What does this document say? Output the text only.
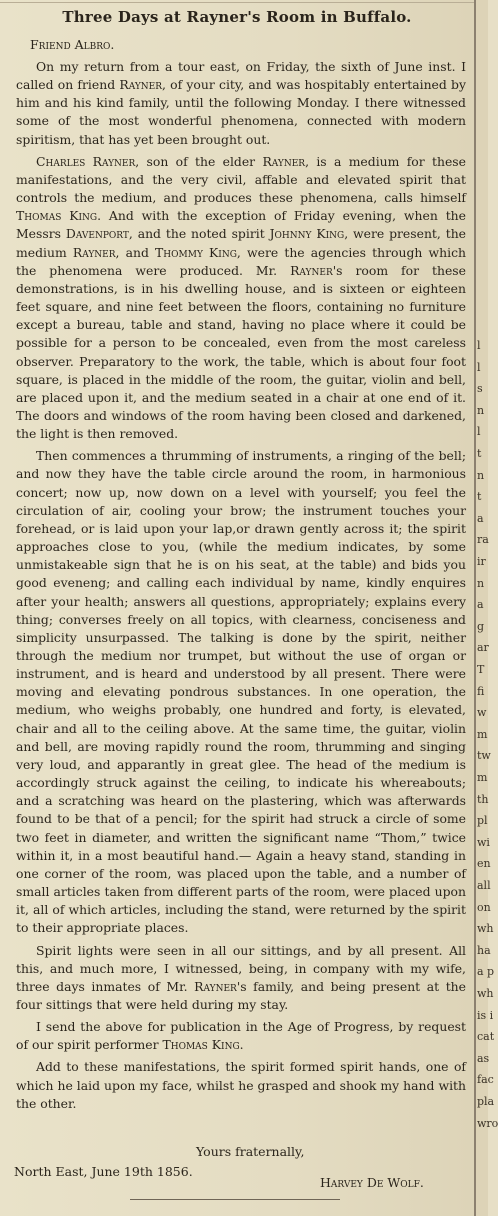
Three Days at Rayner's Room in Buffalo.
Friend Albro.

On my return from a tour east, on Friday, the sixth of June inst. I called on friend Rayner, of your city, and was hospitably entertained by him and his kind family, until the following Monday. I there witnessed some of the most wonderful phenomena, connected with modern spiritism, that has yet been brought out.

Charles Rayner, son of the elder Rayner, is a medium for these manifestations, and the very civil, affable and elevated spirit that controls the medium, and produces these phenomena, calls himself Thomas King. And with the exception of Friday evening, when the Messrs Davenport, and the noted spirit Johnny King, were present, the medium Rayner, and Thommy King, were the agencies through which the phenomena were produced. Mr. Rayner's room for these demonstrations, is in his dwelling house, and is sixteen or eighteen feet square, and nine feet between the floors, containing no furniture except a bureau, table and stand, having no place where it could be possible for a person to be concealed, even from the most careless observer. Preparatory to the work, the table, which is about four foot square, is placed in the middle of the room, the guitar, violin and bell, are placed upon it, and the medium seated in a chair at one end of it. The doors and windows of the room having been closed and darkened, the light is then removed.

Then commences a thrumming of instruments, a ringing of the bell; and now they have the table circle around the room, in harmonious concert; now up, now down on a level with yourself; you feel the circulation of air, cooling your brow; the instrument touches your forehead, or is laid upon your lap,or drawn gently across it; the spirit approaches close to you, (while the medium indicates, by some unmistakeable sign that he is on his seat, at the table) and bids you good eveneng; and calling each individual by name, kindly enquires after your health; answers all questions, appropriately; explains every thing; converses freely on all topics, with clearness, conciseness and simplicity unsurpassed. The talking is done by the spirit, neither through the medium nor trumpet, but without the use of organ or instrument, and is heard and understood by all present. There were moving and elevating pondrous substances. In one operation, the medium, who weighs probably, one hundred and forty, is elevated, chair and all to the ceiling above. At the same time, the guitar, violin and bell, are moving rapidly round the room, thrumming and singing very loud, and apparantly in great glee. The head of the medium is accordingly struck against the ceiling, to indicate his whereabouts; and a scratching was heard on the plastering, which was afterwards found to be that of a pencil; for the spirit had struck a circle of some two feet in diameter, and written the significant name “Thom,” twice within it, in a most beautiful hand.— Again a heavy stand, standing in one corner of the room, was placed upon the table, and a number of small articles taken from different parts of the room, were placed upon it, all of which articles, including the stand, were returned by the spirit to their appropriate places.

Spirit lights were seen in all our sittings, and by all present. All this, and much more, I witnessed, being, in company with my wife, three days inmates of Mr. Rayner's family, and being present at the four sittings that were held during my stay.

I send the above for publication in the Age of Progress, by request of our spirit performer Thomas King.

Add to these manifestations, the spirit formed spirit hands, one of which he laid upon my face, whilst he grasped and shook my hand with the other.

Yours fraternally,
North East, June 19th 1856.
Harvey De Wolf.
l
l
s
n
l
t
n
t
a
ra
ir
n
a
g
ar
T
fi
w
m
tw
m
th
pl
wi
en
all
on
wh
ha
a p
wh
is i
cat
as
fac
pla
wro
